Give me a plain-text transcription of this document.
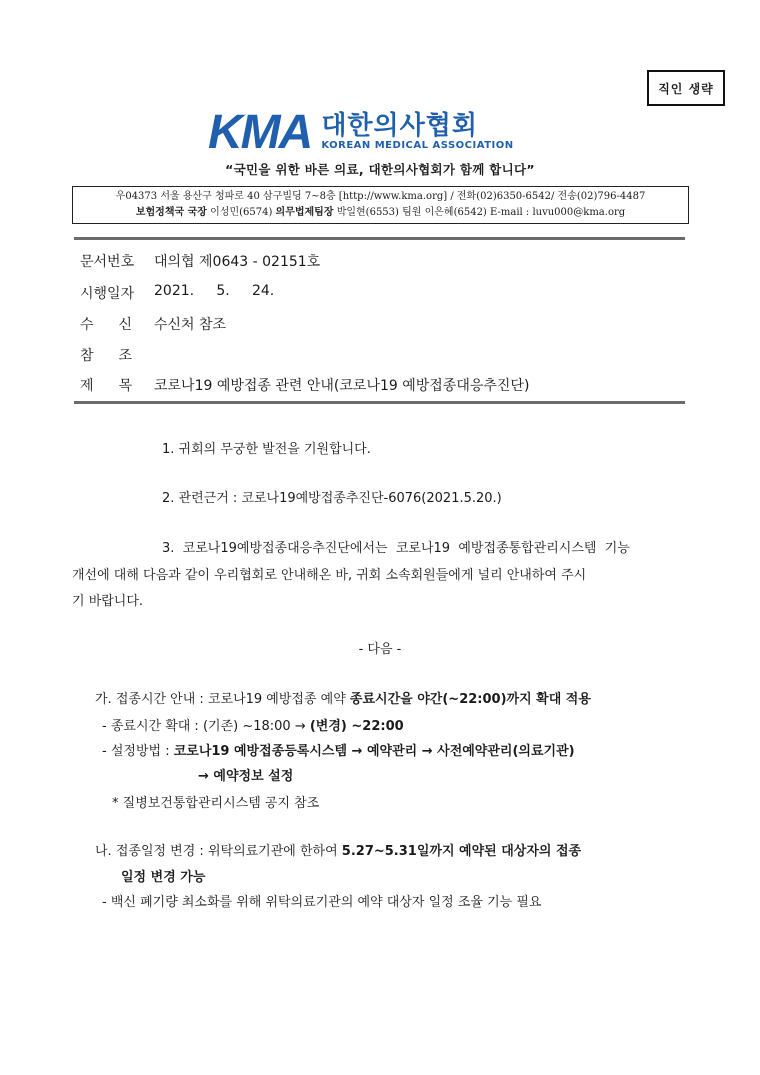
직인 생략
KMA 대한의사협회
KOREAN MEDICAL ASSOCIATION
“국민을 위한 바른 의료, 대한의사협회가 함께 합니다”
우04373 서울 용산구 청파로 40 삼구빌딩 7~8층 [http://www.kma.org] / 전화(02)6350-6542/ 전송(02)796-4487
보험정책국 국장 이성민(6574) 의무법제팀장 박일현(6553) 팀원 이은혜(6542) E-mail : luvu000@kma.org
문서번호	대의협 제0643 - 02151호
시행일자	2021.     5.     24.
수 신 수신처 참조
참 조
제 목 코로나19 예방접종 관련 안내(코로나19 예방접종대응추진단)
1. 귀회의 무궁한 발전을 기원합니다.
2. 관련근거 : 코로나19예방접종추진단-6076(2021.5.20.)
3.  코로나19예방접종대응추진단에서는  코로나19  예방접종통합관리시스템  기능
개선에 대해 다음과 같이 우리협회로 안내해온 바, 귀회 소속회원들에게 널리 안내하여 주시
기 바랍니다.
- 다음 -
가. 접종시간 안내 : 코로나19 예방접종 예약 종료시간을 야간(~22:00)까지 확대 적용
- 종료시간 확대 : (기존) ~18:00 → (변경) ~22:00
- 설정방법 : 코로나19 예방접종등록시스템 → 예약관리 → 사전예약관리(의료기관)
→ 예약정보 설정
* 질병보건통합관리시스템 공지 참조
나. 접종일정 변경 : 위탁의료기관에 한하여 5.27~5.31일까지 예약된 대상자의 접종
일정 변경 가능
- 백신 폐기량 최소화를 위해 위탁의료기관의 예약 대상자 일정 조율 기능 필요
